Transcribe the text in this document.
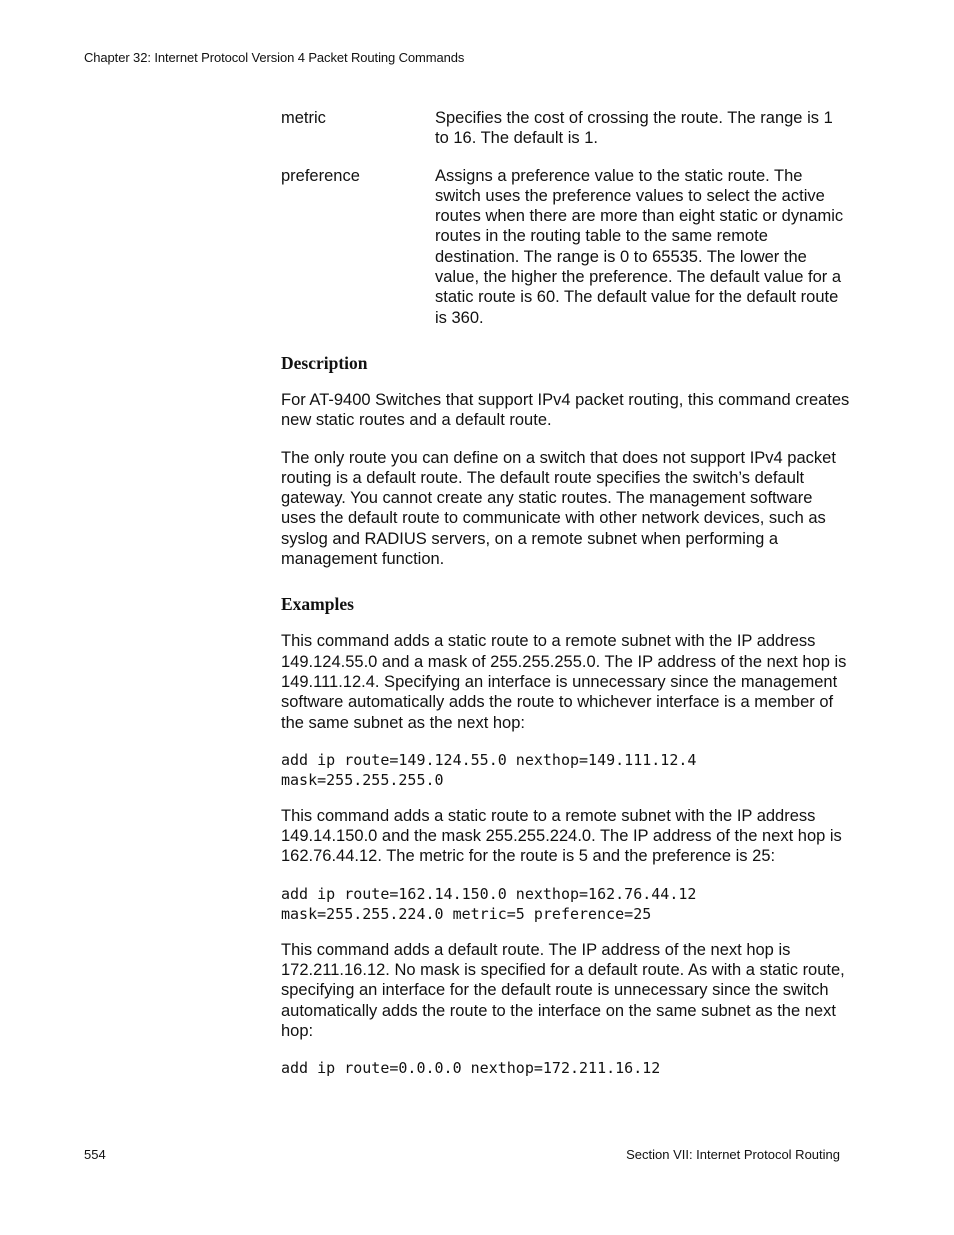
Chapter 32: Internet Protocol Version 4 Packet Routing Commands
metric	Specifies the cost of crossing the route. The range is 1 to 16. The default is 1.
preference	Assigns a preference value to the static route. The switch uses the preference values to select the active routes when there are more than eight static or dynamic routes in the routing table to the same remote destination. The range is 0 to 65535. The lower the value, the higher the preference. The default value for a static route is 60. The default value for the default route is 360.
Description

For AT-9400 Switches that support IPv4 packet routing, this command creates new static routes and a default route.

The only route you can define on a switch that does not support IPv4 packet routing is a default route. The default route specifies the switch’s default gateway. You cannot create any static routes. The management software uses the default route to communicate with other network devices, such as syslog and RADIUS servers, on a remote subnet when performing a management function.

Examples

This command adds a static route to a remote subnet with the IP address 149.124.55.0 and a mask of 255.255.255.0. The IP address of the next hop is 149.111.12.4. Specifying an interface is unnecessary since the management software automatically adds the route to whichever interface is a member of the same subnet as the next hop:

add ip route=149.124.55.0 nexthop=149.111.12.4
mask=255.255.255.0

This command adds a static route to a remote subnet with the IP address 149.14.150.0 and the mask 255.255.224.0. The IP address of the next hop is 162.76.44.12. The metric for the route is 5 and the preference is 25:

add ip route=162.14.150.0 nexthop=162.76.44.12
mask=255.255.224.0 metric=5 preference=25

This command adds a default route. The IP address of the next hop is 172.211.16.12. No mask is specified for a default route. As with a static route, specifying an interface for the default route is unnecessary since the switch automatically adds the route to the interface on the same subnet as the next hop:

add ip route=0.0.0.0 nexthop=172.211.16.12
554	Section VII: Internet Protocol Routing
